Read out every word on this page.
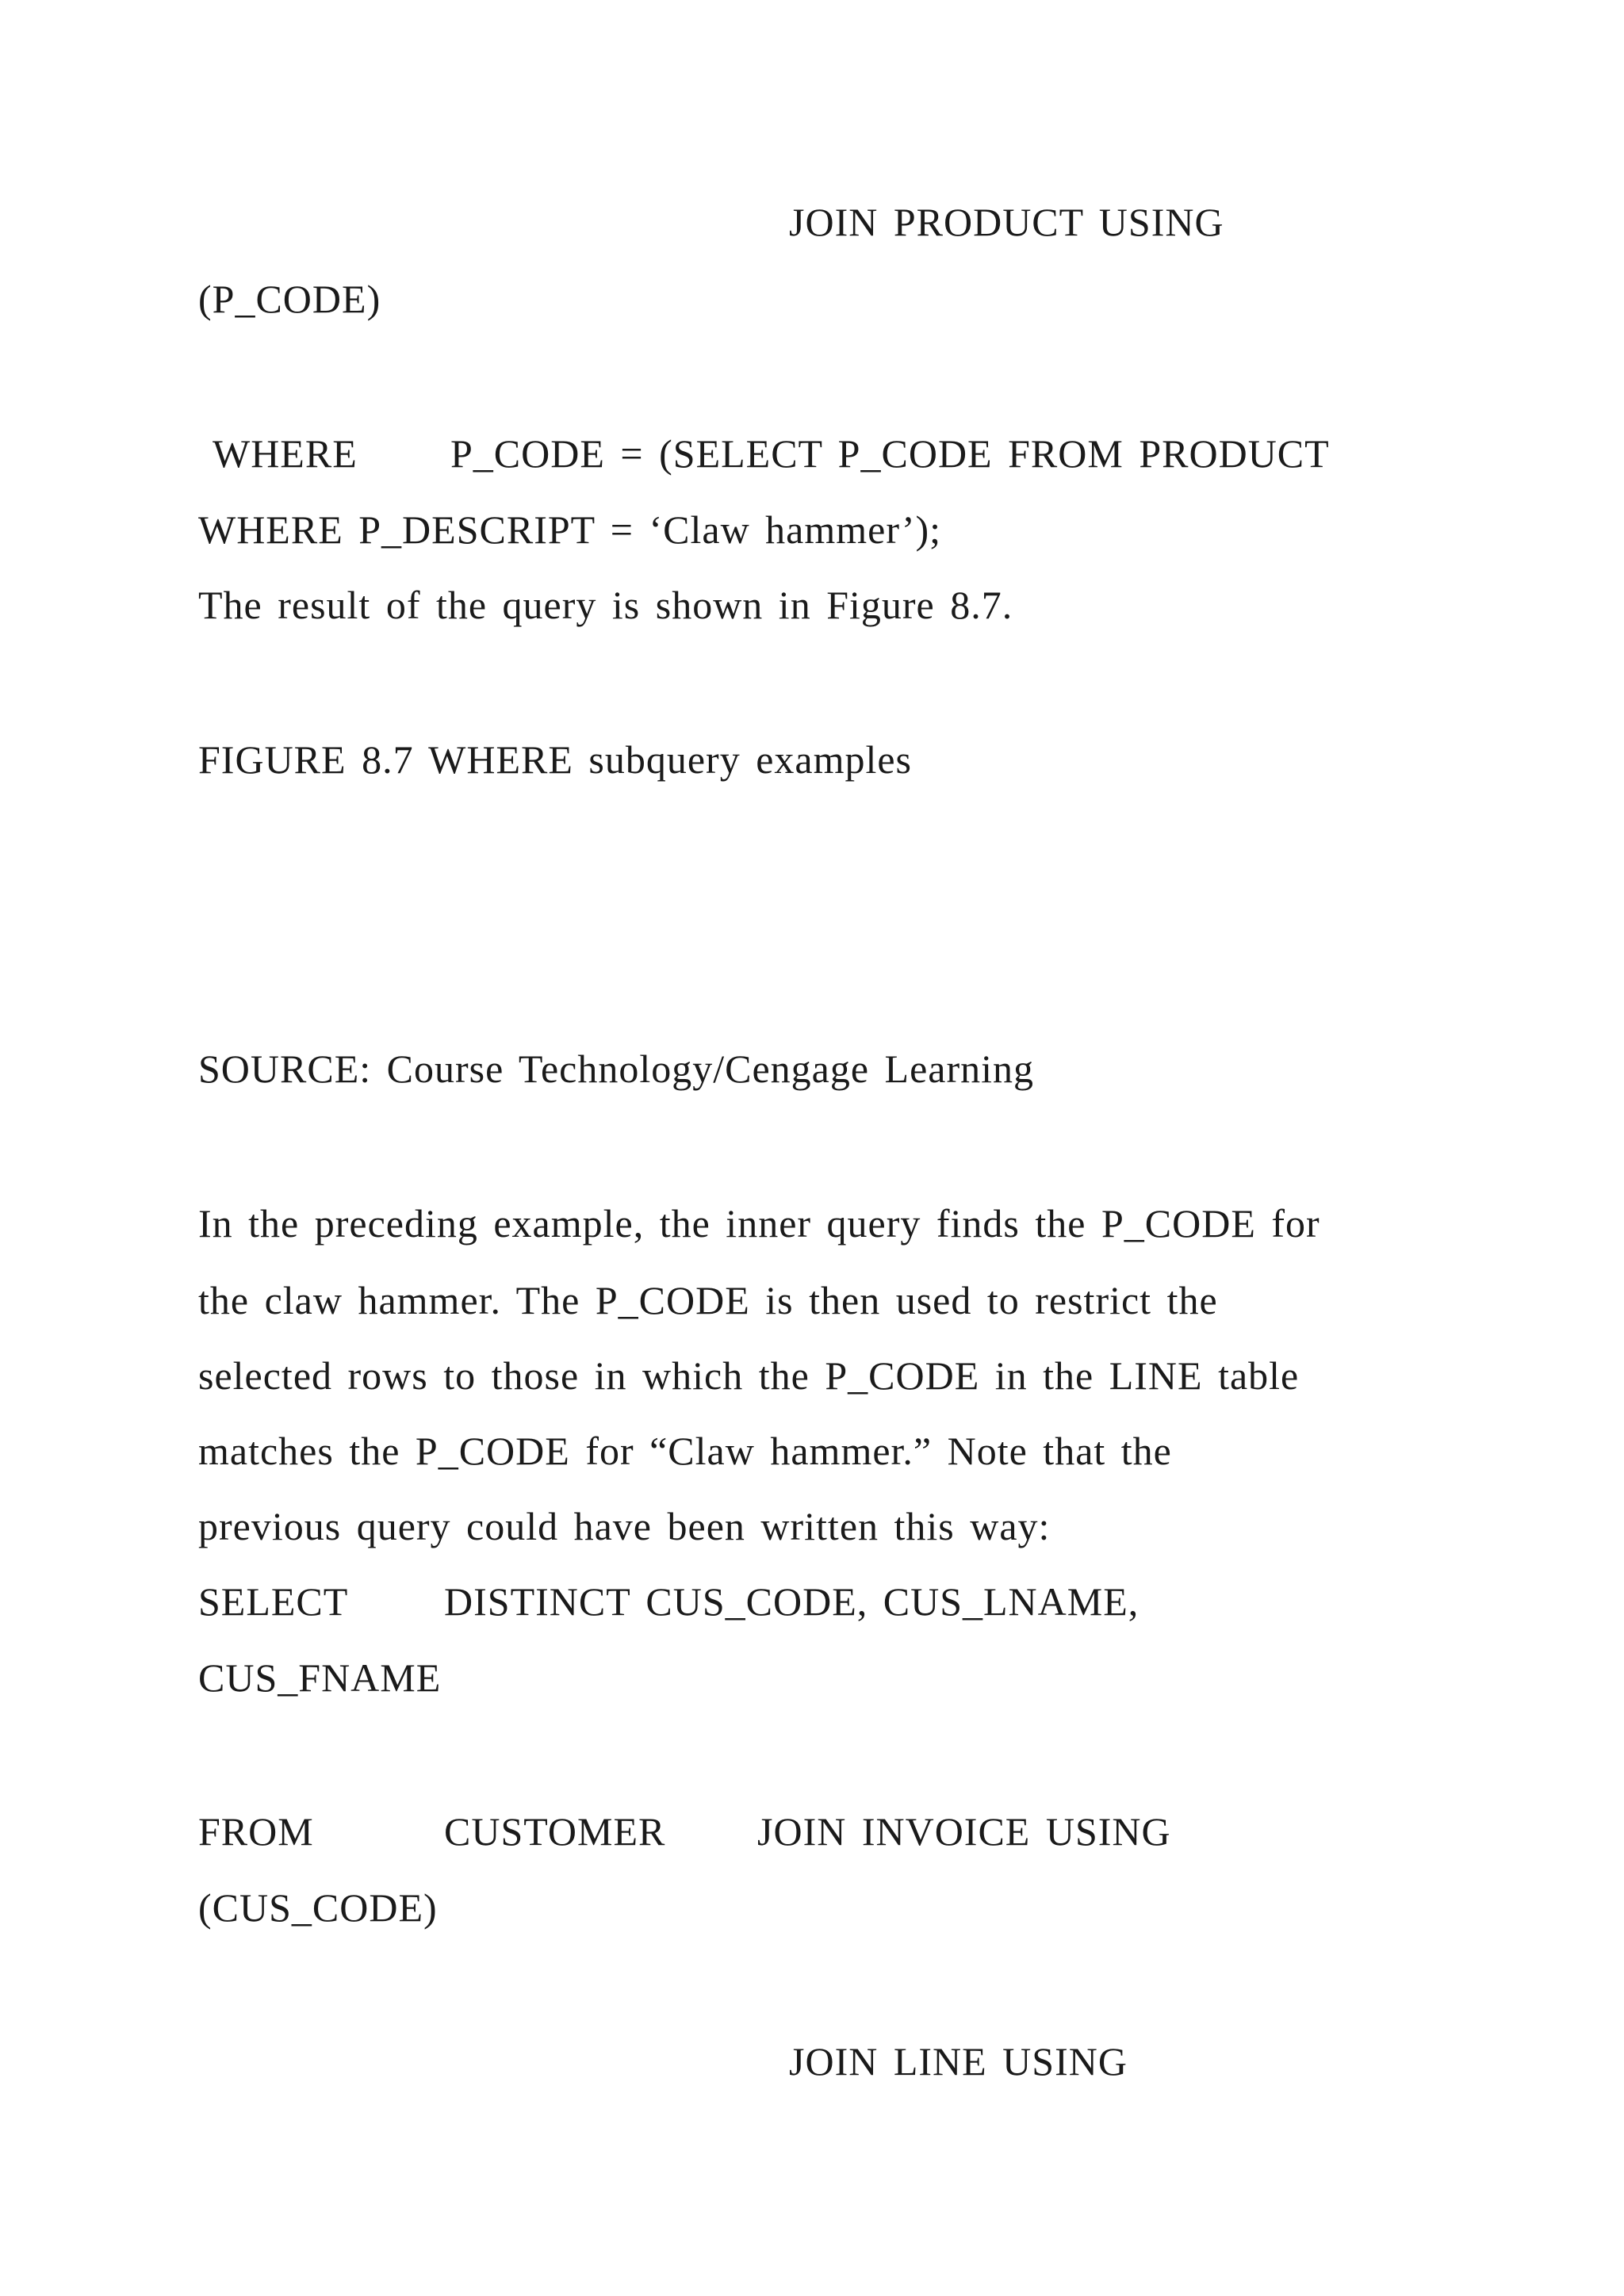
JOIN PRODUCT USING
(P_CODE)
WHERE P_CODE = (SELECT P_CODE FROM PRODUCT
WHERE P_DESCRIPT = ‘Claw hammer’);
The result of the query is shown in Figure 8.7.
FIGURE 8.7 WHERE subquery examples
SOURCE: Course Technology/Cengage Learning
In the preceding example, the inner query finds the P_CODE for
the claw hammer. The P_CODE is then used to restrict the
selected rows to those in which the P_CODE in the LINE table
matches the P_CODE for “Claw hammer.” Note that the
previous query could have been written this way:
SELECT DISTINCT CUS_CODE, CUS_LNAME,
CUS_FNAME
FROM	CUSTOMER JOIN INVOICE USING
(CUS_CODE)
JOIN LINE USING
